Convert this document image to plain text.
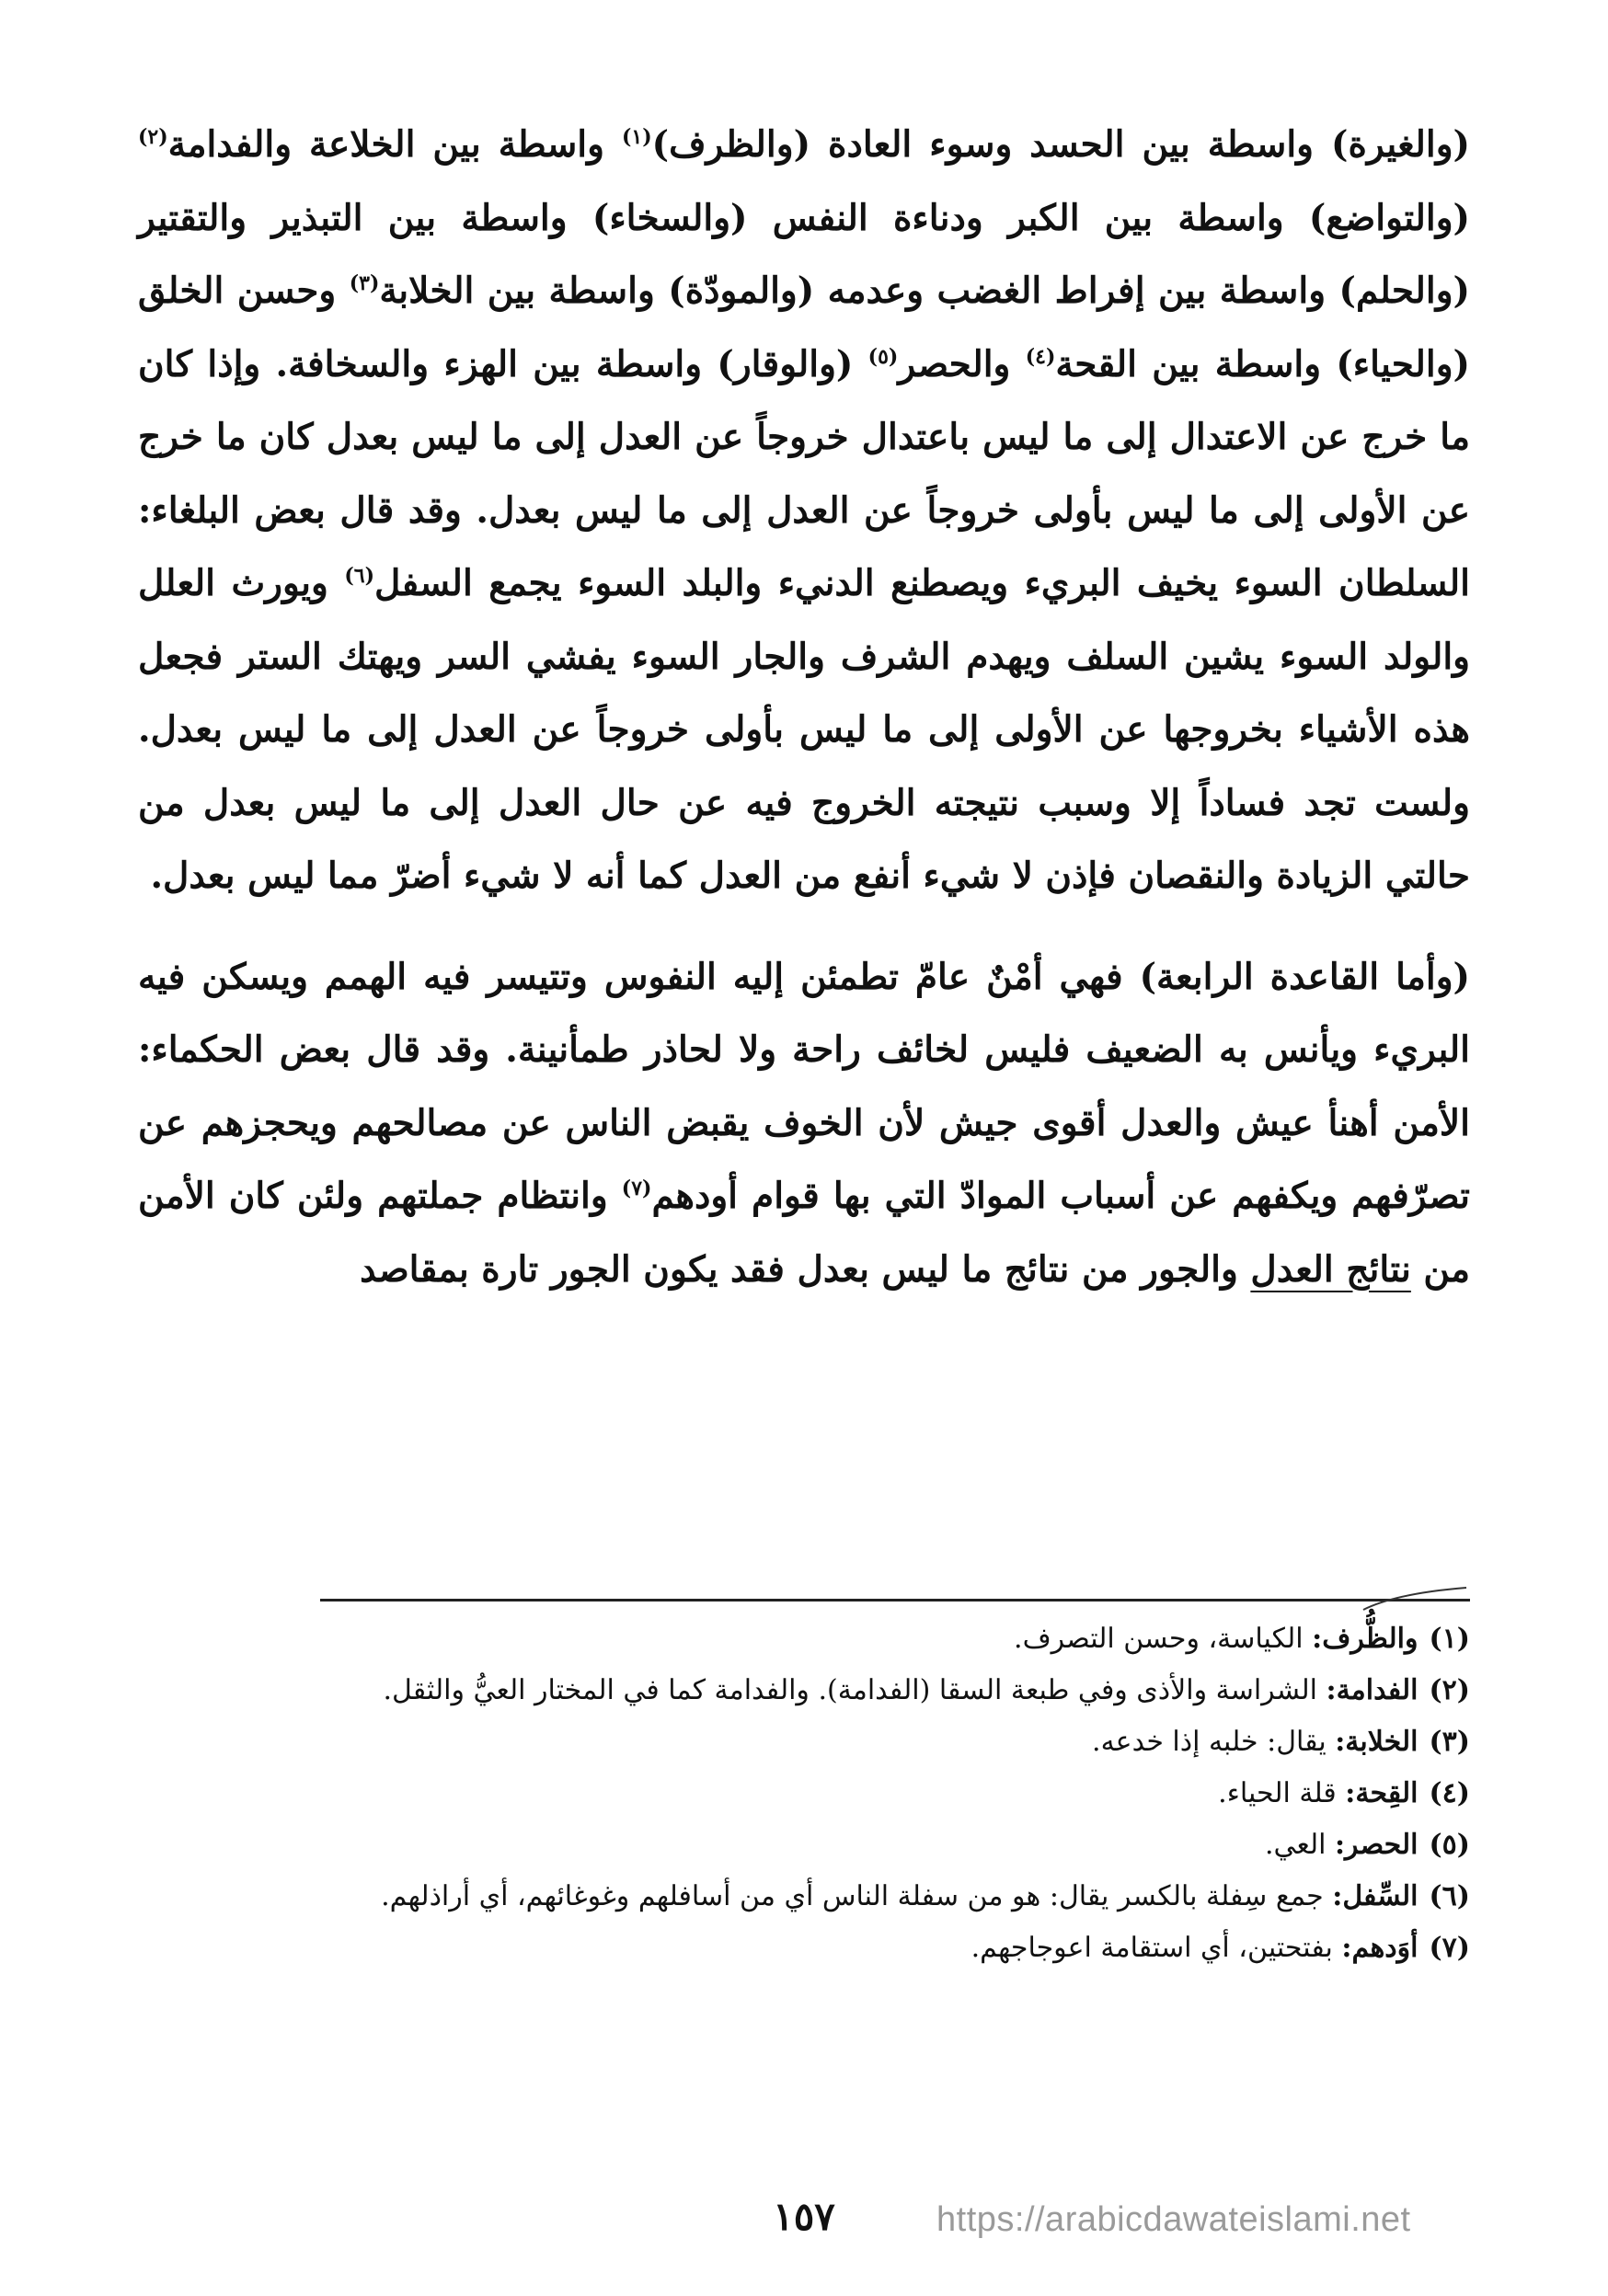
(والغيرة) واسطة بين الحسد وسوء العادة (والظرف)$^{(١)}$ واسطة بين الخلاعة والفدامة$^{(٢)}$ (والتواضع) واسطة بين الكبر ودناءة النفس (والسخاء) واسطة بين التبذير والتقتير (والحلم) واسطة بين إفراط الغضب وعدمه (والمودّة) واسطة بين الخلابة$^{(٣)}$ وحسن الخلق (والحياء) واسطة بين القحة$^{(٤)}$ والحصر$^{(٥)}$ (والوقار) واسطة بين الهزء والسخافة. وإذا كان ما خرج عن الاعتدال إلى ما ليس باعتدال خروجاً عن العدل إلى ما ليس بعدل كان ما خرج عن الأولى إلى ما ليس بأولى خروجاً عن العدل إلى ما ليس بعدل. وقد قال بعض البلغاء: السلطان السوء يخيف البريء ويصطنع الدنيء والبلد السوء يجمع السفل$^{(٦)}$ ويورث العلل والولد السوء يشين السلف ويهدم الشرف والجار السوء يفشي السر ويهتك الستر فجعل هذه الأشياء بخروجها عن الأولى إلى ما ليس بأولى خروجاً عن العدل إلى ما ليس بعدل. ولست تجد فساداً إلا وسبب نتيجته الخروج فيه عن حال العدل إلى ما ليس بعدل من حالتي الزيادة والنقصان فإذن لا شيء أنفع من العدل كما أنه لا شيء أضرّ مما ليس بعدل.

(وأما القاعدة الرابعة) فهي أمْنٌ عامّ تطمئن إليه النفوس وتتيسر فيه الهمم ويسكن فيه البريء ويأنس به الضعيف فليس لخائف راحة ولا لحاذر طمأنينة. وقد قال بعض الحكماء: الأمن أهنأ عيش والعدل أقوى جيش لأن الخوف يقبض الناس عن مصالحهم ويحجزهم عن تصرّفهم ويكفهم عن أسباب الموادّ التي بها قوام أودهم$^{(٧)}$ وانتظام جملتهم ولئن كان الأمن من نتائج العدل والجور من نتائج ما ليس بعدل فقد يكون الجور تارة بمقاصد

(١)
والظُّرف: الكياسة، وحسن التصرف.
(٢)
الفدامة: الشراسة والأذى وفي طبعة السقا (الفدامة). والفدامة كما في المختار العيُّ والثقل.
(٣)
الخلابة: يقال: خلبه إذا خدعه.
(٤)
القِحة: قلة الحياء.
(٥)
الحصر: العي.
(٦)
السِّفل: جمع سِفلة بالكسر يقال: هو من سفلة الناس أي من أسافلهم وغوغائهم، أي أراذلهم.
(٧)
أوَدهم: بفتحتين، أي استقامة اعوجاجهم.
١٥٧	https://arabicdawateislami.net
